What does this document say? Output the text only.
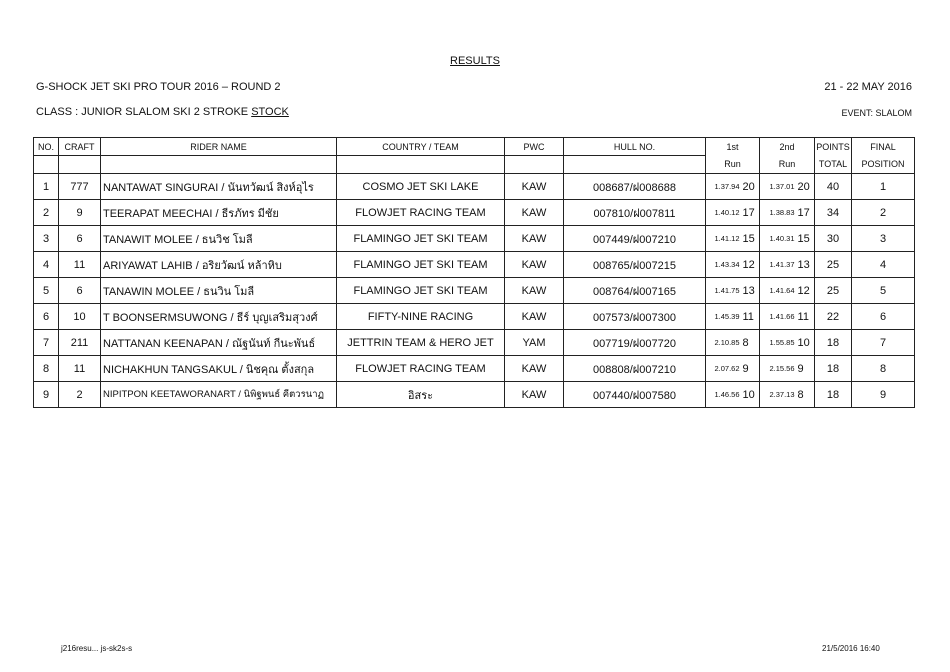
RESULTS
G-SHOCK JET SKI PRO TOUR 2016 – ROUND 2	21 - 22 MAY 2016
CLASS : JUNIOR SLALOM SKI 2 STROKE STOCK	EVENT: SLALOM
NO.	CRAFT	RIDER NAME	COUNTRY / TEAM	PWC	HULL NO.	1st		2nd		POINTS	FINAL
						Run		Run		TOTAL	POSITION
1	777	NANTAWAT SINGURAI / นันทวัฒน์ สิงห์อุไร	COSMO JET SKI LAKE	KAW	008687/ฝ008688	1.37.94	20	1.37.01	20	40	1
2	9	TEERAPAT MEECHAI / ธีรภัทร มีชัย	FLOWJET RACING TEAM	KAW	007810/ฝ007811	1.40.12	17	1.38.83	17	34	2
3	6	TANAWIT MOLEE / ธนวิช โมลี	FLAMINGO JET SKI TEAM	KAW	007449/ฝ007210	1.41.12	15	1.40.31	15	30	3
4	11	ARIYAWAT LAHIB / อริยวัฒน์ หล้าหิบ	FLAMINGO JET SKI TEAM	KAW	008765/ฝ007215	1.43.34	12	1.41.37	13	25	4
5	6	TANAWIN MOLEE / ธนวิน โมลี	FLAMINGO JET SKI TEAM	KAW	008764/ฝ007165	1.41.75	13	1.41.64	12	25	5
6	10	T BOONSERMSUWONG / ธีร์ บุญเสริมสุวงศ์	FIFTY-NINE RACING	KAW	007573/ฝ007300	1.45.39	11	1.41.66	11	22	6
7	211	NATTANAN KEENAPAN / ณัฐนันท์ กีนะพันธ์	JETTRIN TEAM & HERO JET	YAM	007719/ฝ007720	2.10.85	8	1.55.85	10	18	7
8	11	NICHAKHUN TANGSAKUL / นิชคุณ ตั้งสกุล	FLOWJET RACING TEAM	KAW	008808/ฝ007210	2.07.62	9	2.15.56	9	18	8
9	2	NIPITPON KEETAWORANART / นิพิฐพนธ์ คีตวรนาฏ	อิสระ	KAW	007440/ฝ007580	1.46.56	10	2.37.13	8	18	9
j216resu... js-sk2s-s	21/5/2016 16:40
